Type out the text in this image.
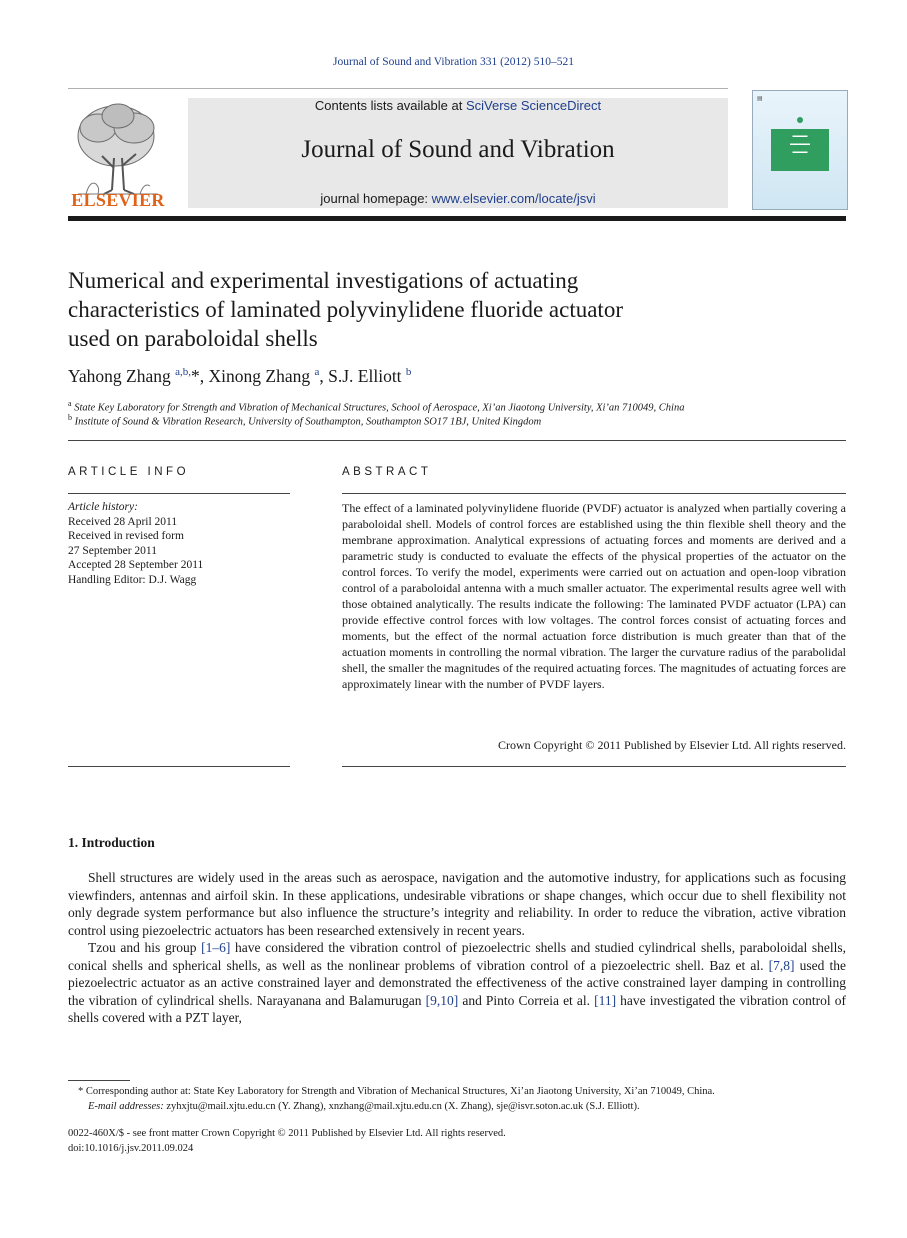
Journal of Sound and Vibration 331 (2012) 510–521
Contents lists available at SciVerse ScienceDirect
Journal of Sound and Vibration
journal homepage: www.elsevier.com/locate/jsvi
ELSEVIER
▤
▬▬▬
▬▬▬▬
▬▬▬
Numerical and experimental investigations of actuating
characteristics of laminated polyvinylidene fluoride actuator
used on paraboloidal shells
Yahong Zhang $^{a,b,}$*, Xinong Zhang $^a$, S.J. Elliott $^b$
$^a$ State Key Laboratory for Strength and Vibration of Mechanical Structures, School of Aerospace, Xi’an Jiaotong University, Xi’an 710049, China
$^b$ Institute of Sound & Vibration Research, University of Southampton, Southampton SO17 1BJ, United Kingdom
ARTICLE INFO
Article history:
Received 28 April 2011
Received in revised form
27 September 2011
Accepted 28 September 2011
Handling Editor: D.J. Wagg
ABSTRACT
The effect of a laminated polyvinylidene fluoride (PVDF) actuator is analyzed when partially covering a paraboloidal shell. Models of control forces are established using the thin flexible shell theory and the membrane approximation. Analytical expressions of actuating forces and moments are derived and a parametric study is conducted to evaluate the effects of the physical properties of the actuator on the control forces. To verify the model, experiments were carried out on actuation and open-loop vibration control of a paraboloidal antenna with a much smaller actuator. The experimental results agree well with those obtained analytically. The results indicate the following: The laminated PVDF actuator (LPA) can provide effective control forces with low voltages. The control forces consist of actuating forces and moments, but the effect of the normal actuation force distribution is much greater than that of the actuation moments in controlling the normal vibration. The larger the curvature radius of the parabolidal shell, the smaller the magnitudes of the required actuating forces. The magnitudes of actuating forces are approximately linear with the number of PVDF layers.
Crown Copyright © 2011 Published by Elsevier Ltd. All rights reserved.
1. Introduction

Shell structures are widely used in the areas such as aerospace, navigation and the automotive industry, for applications such as focusing viewfinders, antennas and airfoil skin. In these applications, undesirable vibrations or shape changes, which occur due to shell flexibility not only degrade system performance but also influence the structure’s integrity and reliability. In order to reduce the vibration, active vibration control using piezoelectric actuators has been researched extensively in recent years.

Tzou and his group [1–6] have considered the vibration control of piezoelectric shells and studied cylindrical shells, paraboloidal shells, conical shells and spherical shells, as well as the nonlinear problems of vibration control of a piezoelectric shell. Baz et al. [7,8] used the piezoelectric actuator as an active constrained layer and demonstrated the effectiveness of the active constrained layer damping in controlling the vibration of cylindrical shells. Narayanana and Balamurugan [9,10] and Pinto Correia et al. [11] have investigated the vibration control of shells covered with a PZT layer,

* Corresponding author at: State Key Laboratory for Strength and Vibration of Mechanical Structures, Xi’an Jiaotong University, Xi’an 710049, China.
E-mail addresses: zyhxjtu@mail.xjtu.edu.cn (Y. Zhang), xnzhang@mail.xjtu.edu.cn (X. Zhang), sje@isvr.soton.ac.uk (S.J. Elliott).
0022-460X/$ - see front matter Crown Copyright © 2011 Published by Elsevier Ltd. All rights reserved.
doi:10.1016/j.jsv.2011.09.024
